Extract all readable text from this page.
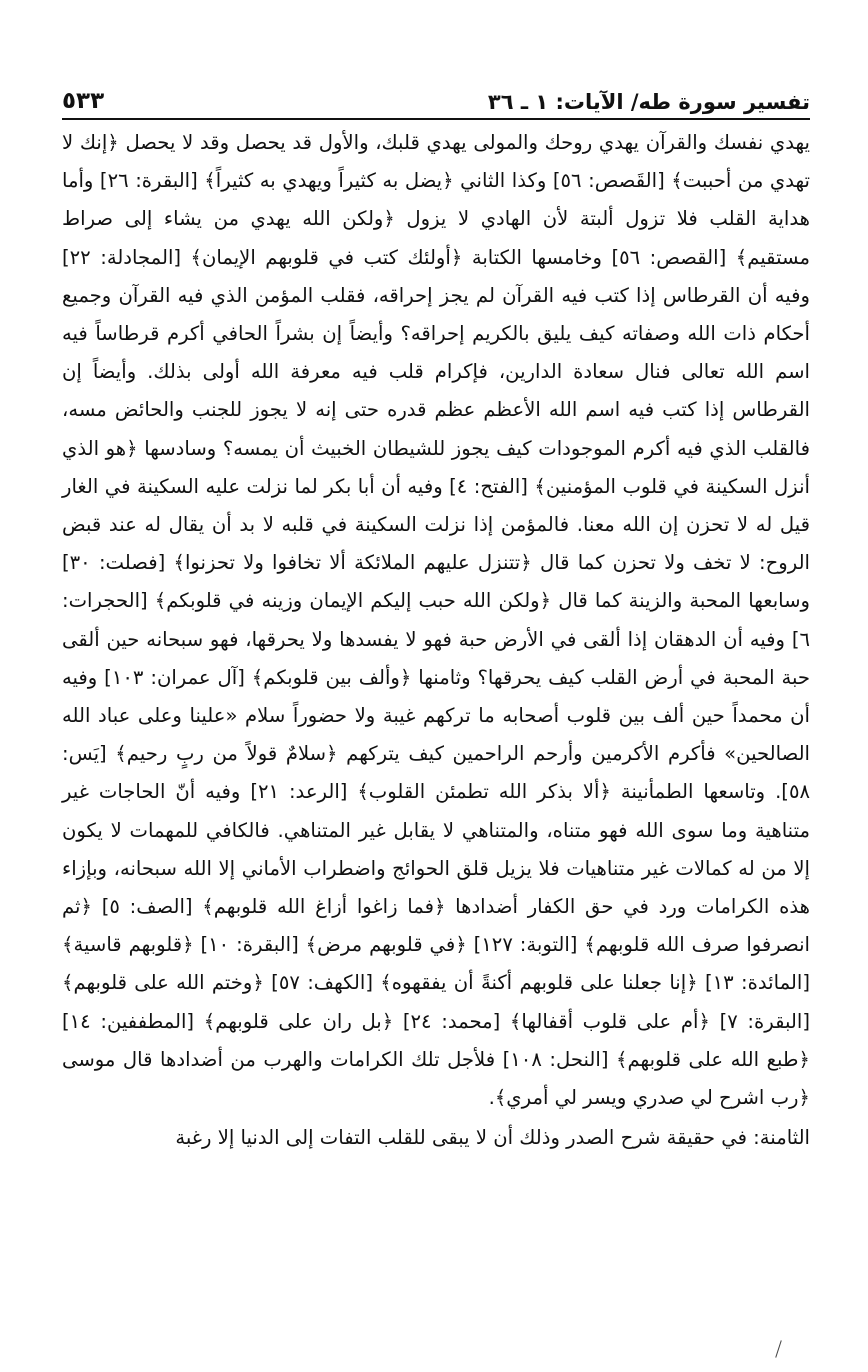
تفسير سورة طه/ الآيات: ١ ـ ٣٦
٥٣٣

يهدي نفسك والقرآن يهدي روحك والمولى يهدي قلبك، والأول قد يحصل وقد لا يحصل ﴿إنك لا تهدي من أحببت﴾ [القَصص: ٥٦] وكذا الثاني ﴿يضل به كثيراً ويهدي به كثيراً﴾ [البقرة: ٢٦] وأما هداية القلب فلا تزول ألبتة لأن الهادي لا يزول ﴿ولكن الله يهدي من يشاء إلى صراط مستقيم﴾ [القصص: ٥٦] وخامسها الكتابة ﴿أولئك كتب في قلوبهم الإيمان﴾ [المجادلة: ٢٢] وفيه أن القرطاس إذا كتب فيه القرآن لم يجز إحراقه، فقلب المؤمن الذي فيه القرآن وجميع أحكام ذات الله وصفاته كيف يليق بالكريم إحراقه؟ وأيضاً إن بشراً الحافي أكرم قرطاساً فيه اسم الله تعالى فنال سعادة الدارين، فإكرام قلب فيه معرفة الله أولى بذلك. وأيضاً إن القرطاس إذا كتب فيه اسم الله الأعظم عظم قدره حتى إنه لا يجوز للجنب والحائض مسه، فالقلب الذي فيه أكرم الموجودات كيف يجوز للشيطان الخبيث أن يمسه؟ وسادسها ﴿هو الذي أنزل السكينة في قلوب المؤمنين﴾ [الفتح: ٤] وفيه أن أبا بكر لما نزلت عليه السكينة في الغار قيل له لا تحزن إن الله معنا. فالمؤمن إذا نزلت السكينة في قلبه لا بد أن يقال له عند قبض الروح: لا تخف ولا تحزن كما قال ﴿تتنزل عليهم الملائكة ألا تخافوا ولا تحزنوا﴾ [فصلت: ٣٠] وسابعها المحبة والزينة كما قال ﴿ولكن الله حبب إليكم الإيمان وزينه في قلوبكم﴾ [الحجرات: ٦] وفيه أن الدهقان إذا ألقى في الأرض حبة فهو لا يفسدها ولا يحرقها، فهو سبحانه حين ألقى حبة المحبة في أرض القلب كيف يحرقها؟ وثامنها ﴿وألف بين قلوبكم﴾ [آل عمران: ١٠٣] وفيه أن محمداً حين ألف بين قلوب أصحابه ما تركهم غيبة ولا حضوراً سلام «علينا وعلى عباد الله الصالحين» فأكرم الأكرمين وأرحم الراحمين كيف يتركهم ﴿سلامٌ قولاً من ربٍ رحيم﴾ [يَس: ٥٨]. وتاسعها الطمأنينة ﴿ألا بذكر الله تطمئن القلوب﴾ [الرعد: ٢١] وفيه أنّ الحاجات غير متناهية وما سوى الله فهو متناه، والمتناهي لا يقابل غير المتناهي. فالكافي للمهمات لا يكون إلا من له كمالات غير متناهيات فلا يزيل قلق الحوائج واضطراب الأماني إلا الله سبحانه، وبإزاء هذه الكرامات ورد في حق الكفار أضدادها ﴿فما زاغوا أزاغ الله قلوبهم﴾ [الصف: ٥] ﴿ثم انصرفوا صرف الله قلوبهم﴾ [التوبة: ١٢٧] ﴿في قلوبهم مرض﴾ [البقرة: ١٠] ﴿قلوبهم قاسية﴾ [المائدة: ١٣] ﴿إنا جعلنا على قلوبهم أكنةً أن يفقهوه﴾ [الكهف: ٥٧] ﴿وختم الله على قلوبهم﴾ [البقرة: ٧] ﴿أم على قلوب أقفالها﴾ [محمد: ٢٤] ﴿بل ران على قلوبهم﴾ [المطففين: ١٤] ﴿طبع الله على قلوبهم﴾ [النحل: ١٠٨] فلأجل تلك الكرامات والهرب من أضدادها قال موسى ﴿رب اشرح لي صدري ويسر لي أمري﴾.

الثامنة: في حقيقة شرح الصدر وذلك أن لا يبقى للقلب التفات إلى الدنيا إلا رغبة
